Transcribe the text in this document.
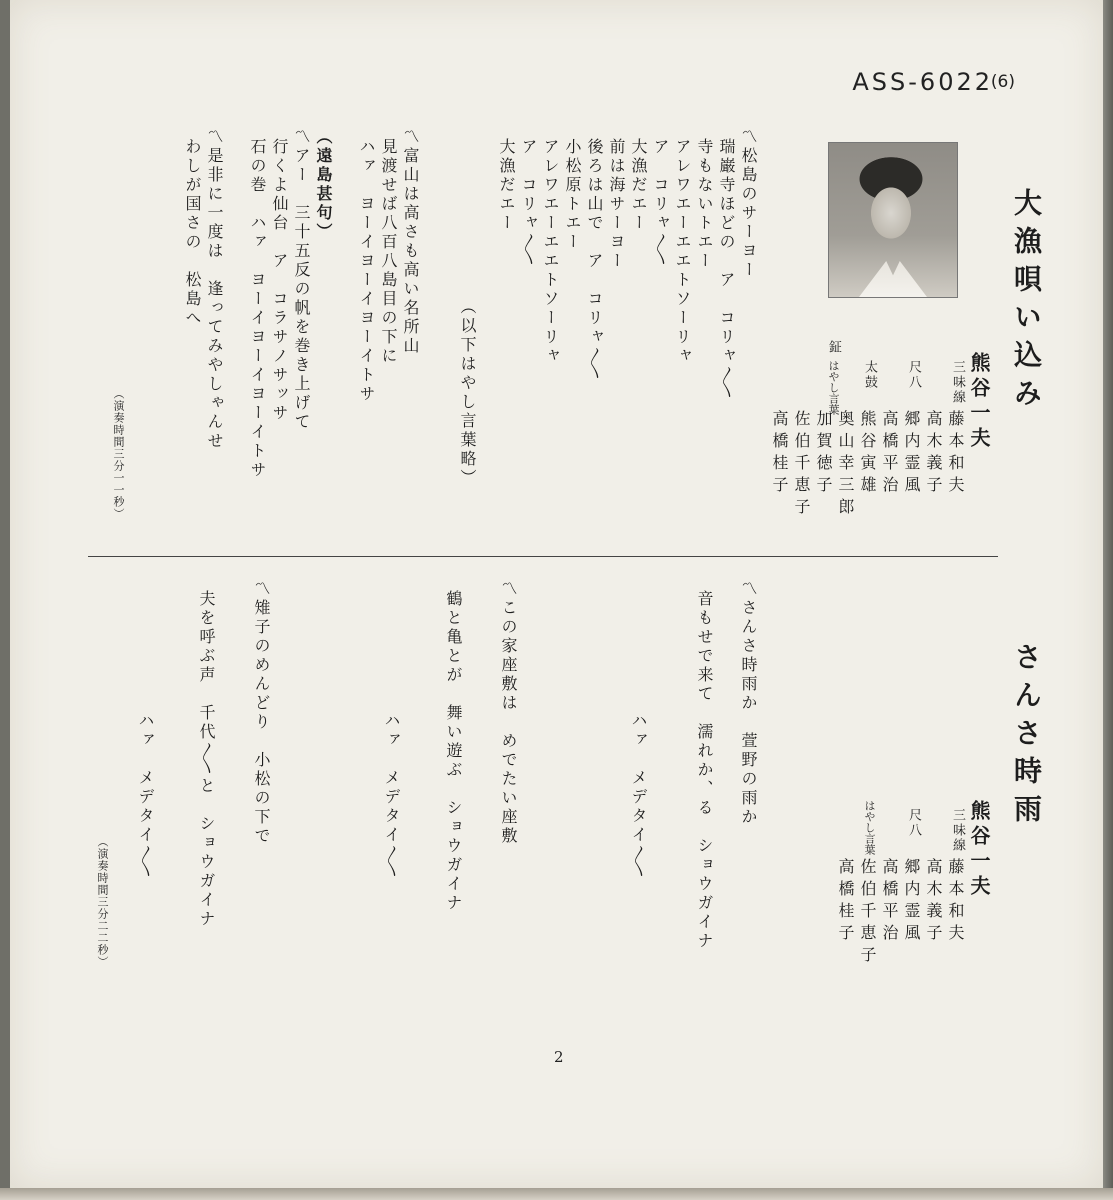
ASS-6022
(6)
大漁唄い込み
熊谷一夫
三味線
藤本和夫
高木義子
尺八
郷内霊風
高橋平治
太鼓
熊谷寅雄
奥山幸三郎
鉦
はやし言葉
加賀徳子
佐伯千恵子
高橋桂子
〽松島のサーヨー
瑞巌寺ほどの　ア　コリャ〳〵
寺もないトエー
アレワエーエエトソーリャ
ア　コリャ〳〵
大漁だエー
前は海サーヨー
後ろは山で　ア　コリャ〳〵
小松原トエー
アレワエーエエトソーリャ
ア　コリャ〳〵
大漁だエー
（以下はやし言葉略）
〽富山は高さも高い名所山
見渡せば八百八島目の下に
ハァ　ヨーイヨーイヨーイトサ
（遠島甚句）
〽アー　三十五反の帆を巻き上げて
行くよ仙台　ア　コラサノサッサ
石の巻　ハァ　ヨーイヨーイヨーイトサ
〽是非に一度は　逢ってみやしゃんせ
わしが国さの　松島へ
（演奏時間三分一一秒）
さんさ時雨
熊谷一夫
三味線
藤本和夫
高木義子
尺八
郷内霊風
高橋平治
はやし言葉
佐伯千恵子
高橋桂子
〽さんさ時雨か　萱野の雨か
音もせで来て　濡れか、る　ショウガイナ
ハァ　メデタイ〳〵
〽この家座敷は　めでたい座敷
鶴と亀とが　舞い遊ぶ　ショウガイナ
ハァ　メデタイ〳〵
〽雉子のめんどり　小松の下で
夫を呼ぶ声　千代〳〵と　ショウガイナ
ハァ　メデタイ〳〵
（演奏時間三分二二秒）
2
